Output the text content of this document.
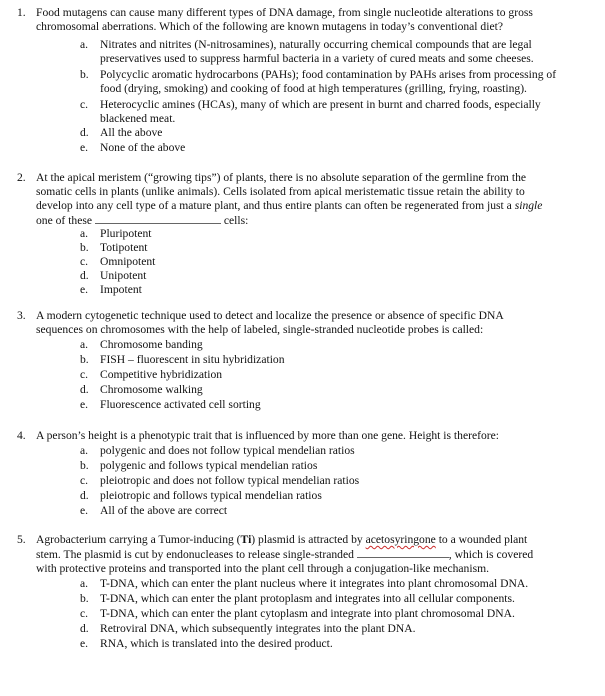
1. Food mutagens can cause many different types of DNA damage, from single nucleotide alterations to gross
chromosomal aberrations. Which of the following are known mutagens in today’s conventional diet?
a. Nitrates and nitrites (N-nitrosamines), naturally occurring chemical compounds that are legal preservatives used to suppress harmful bacteria in a variety of cured meats and some cheeses.
b. Polycyclic aromatic hydrocarbons (PAHs); food contamination by PAHs arises from processing of food (drying, smoking) and cooking of food at high temperatures (grilling, frying, roasting).
c. Heterocyclic amines (HCAs), many of which are present in burnt and charred foods, especially blackened meat.
d. All the above
e. None of the above
2. At the apical meristem (“growing tips”) of plants, there is no absolute separation of the germline from the
somatic cells in plants (unlike animals). Cells isolated from apical meristematic tissue retain the ability to
develop into any cell type of a mature plant, and thus entire plants can often be regenerated from just a single
one of these	cells:
a. Pluripotent
b. Totipotent
c. Omnipotent
d. Unipotent
e. Impotent
3. A modern cytogenetic technique used to detect and localize the presence or absence of specific DNA
sequences on chromosomes with the help of labeled, single-stranded nucleotide probes is called:
a. Chromosome banding
b. FISH – fluorescent in situ hybridization
c. Competitive hybridization
d. Chromosome walking
e. Fluorescence activated cell sorting
4. A person’s height is a phenotypic trait that is influenced by more than one gene. Height is therefore:
a. polygenic and does not follow typical mendelian ratios
b. polygenic and follows typical mendelian ratios
c. pleiotropic and does not follow typical mendelian ratios
d. pleiotropic and follows typical mendelian ratios
e. All of the above are correct
5. Agrobacterium carrying a Tumor-inducing (Ti) plasmid is attracted by acetosyringone to a wounded plant
stem. The plasmid is cut by endonucleases to release single-stranded	, which is covered
with protective proteins and transported into the plant cell through a conjugation-like mechanism.
a. T-DNA, which can enter the plant nucleus where it integrates into plant chromosomal DNA.
b. T-DNA, which can enter the plant protoplasm and integrates into all cellular components.
c. T-DNA, which can enter the plant cytoplasm and integrate into plant chromosomal DNA.
d. Retroviral DNA, which subsequently integrates into the plant DNA.
e. RNA, which is translated into the desired product.
